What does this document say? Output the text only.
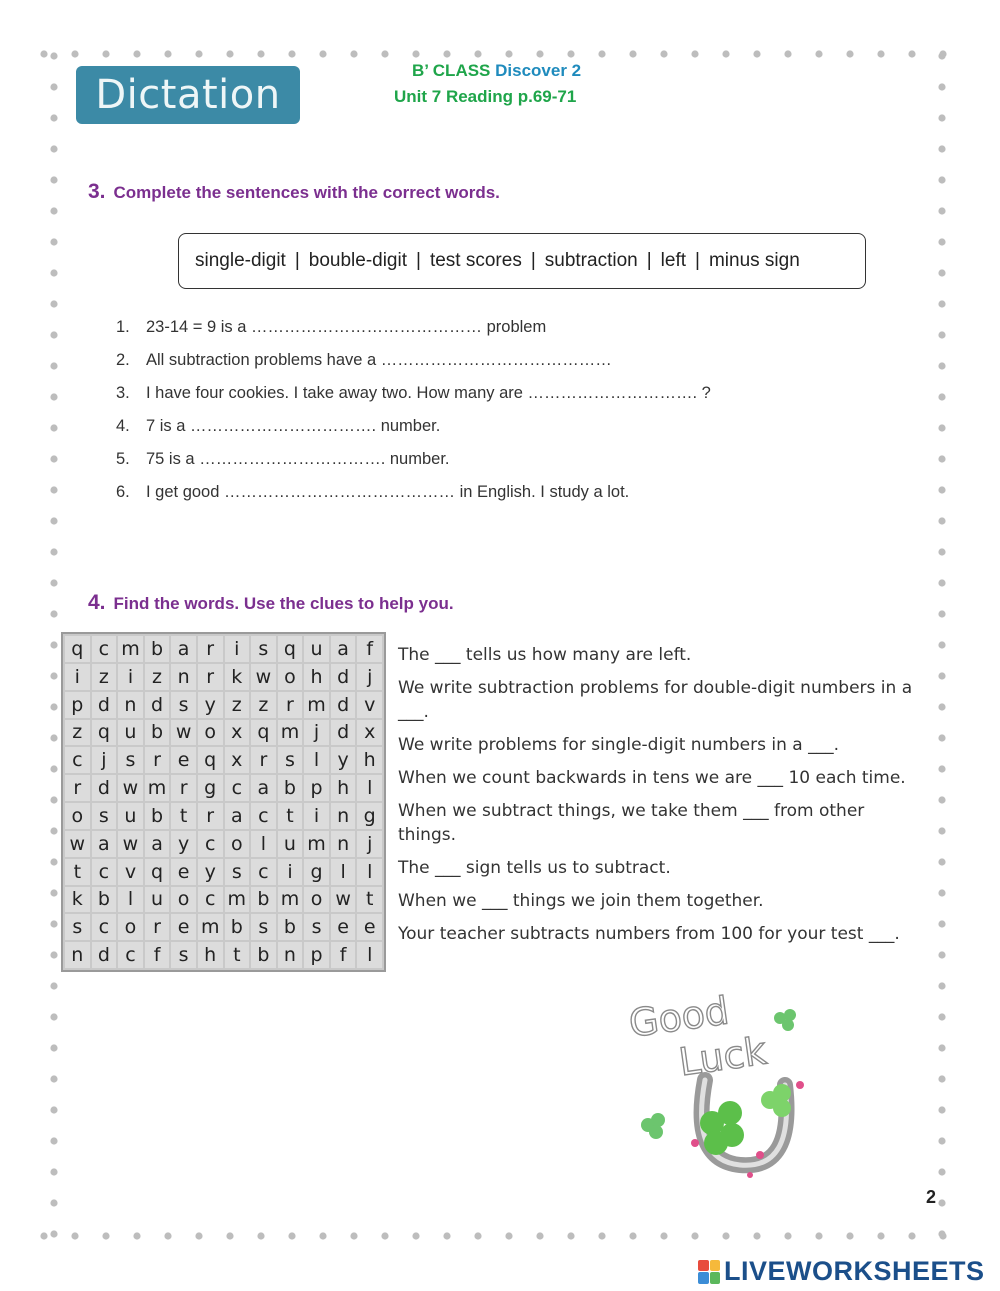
Dictation
B’ CLASS Discover 2
Unit 7 Reading p.69-71
3. Complete the sentences with the correct words.
single-digit | bouble-digit | test scores | subtraction | left | minus sign
1. 23-14 = 9 is a …………………………………… problem
2. All subtraction problems have a ……………………………………
3. I have four cookies. I take away two. How many are …………………………. ?
4. 7 is a ……………………………. number.
5. 75 is a ……………………………. number.
6. I get good …………………………………… in English. I study a lot.
4. Find the words. Use the clues to help you.
q c m b a r	i s q u a f
i z i z n r k w o h d j
p d n d s y z z r m d v
z q u b w o x q m j d x
c j	s r e q x r s l y h
r d w m r g c a b p h l
o s u b t r a c t	i n g
w a w a y c o l u m n j
t c v q e y s c i g l	l
k b l u o c m b m o w t
s c o r e m b s b s e e
n d c f s h t b n p f	l
The ___ tells us how many are left.
We write subtraction problems for double-digit numbers in a ___.
We write problems for single-digit numbers in a ___.
When we count backwards in tens we are ___ 10 each time.
When we subtract things, we take them ___ from other things.
The ___ sign tells us to subtract.
When we ___ things we join them together.
Your teacher subtracts numbers from 100 for your test ___.
Good
Luck
2
LIVEWORKSHEETS
